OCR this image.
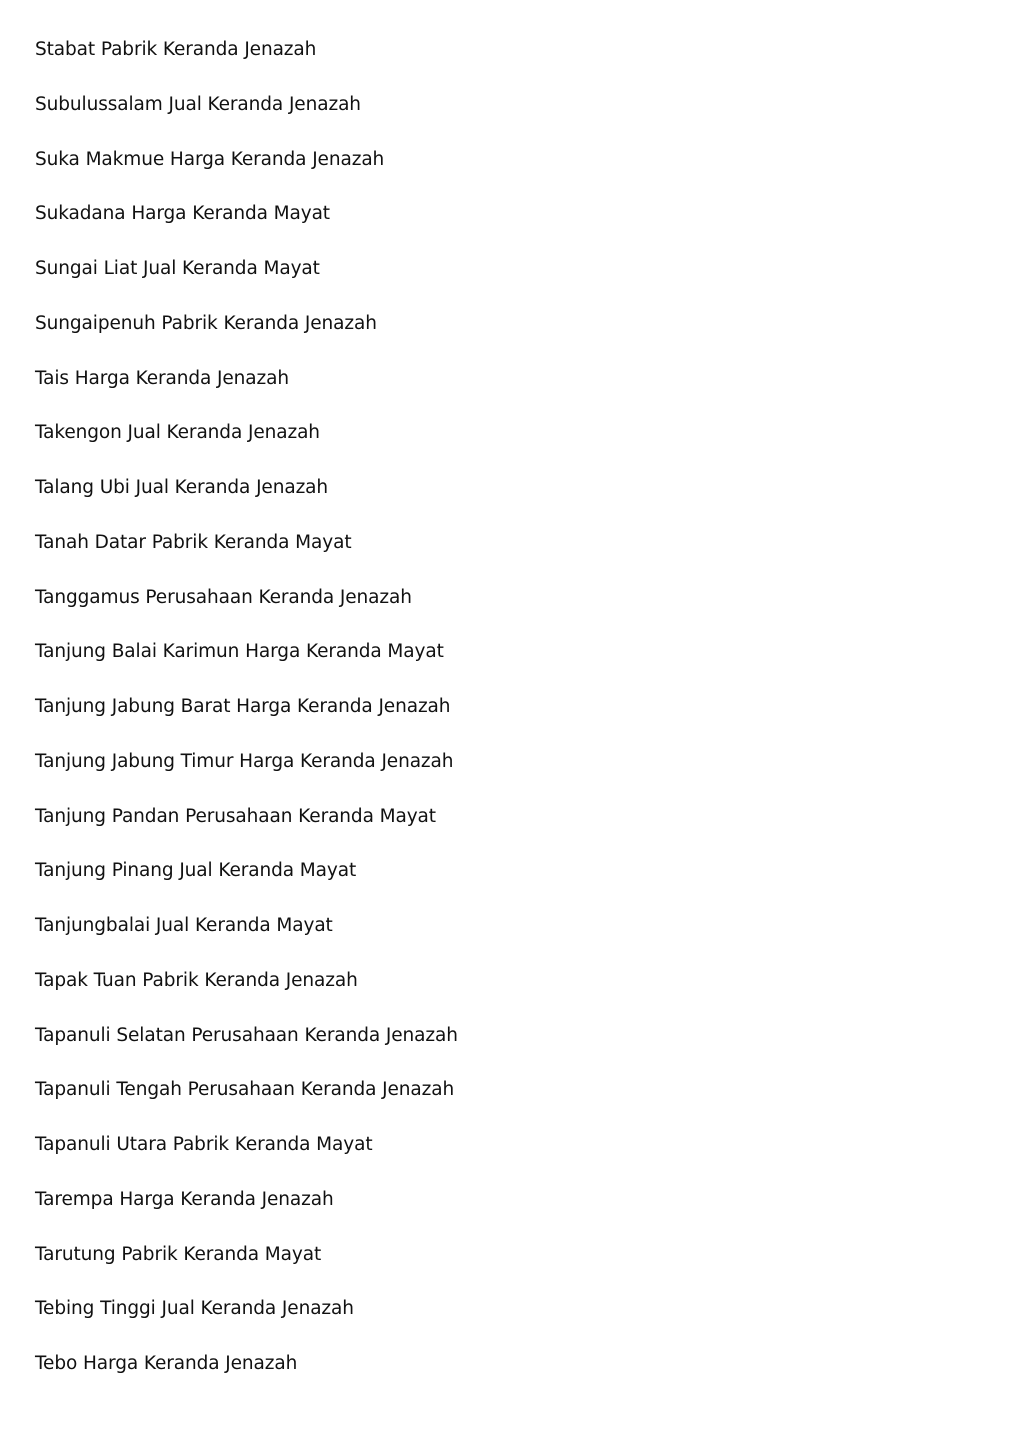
Stabat Pabrik Keranda Jenazah
Subulussalam Jual Keranda Jenazah
Suka Makmue Harga Keranda Jenazah
Sukadana Harga Keranda Mayat
Sungai Liat Jual Keranda Mayat
Sungaipenuh Pabrik Keranda Jenazah
Tais Harga Keranda Jenazah
Takengon Jual Keranda Jenazah
Talang Ubi Jual Keranda Jenazah
Tanah Datar Pabrik Keranda Mayat
Tanggamus Perusahaan Keranda Jenazah
Tanjung Balai Karimun Harga Keranda Mayat
Tanjung Jabung Barat Harga Keranda Jenazah
Tanjung Jabung Timur Harga Keranda Jenazah
Tanjung Pandan Perusahaan Keranda Mayat
Tanjung Pinang Jual Keranda Mayat
Tanjungbalai Jual Keranda Mayat
Tapak Tuan Pabrik Keranda Jenazah
Tapanuli Selatan Perusahaan Keranda Jenazah
Tapanuli Tengah Perusahaan Keranda Jenazah
Tapanuli Utara Pabrik Keranda Mayat
Tarempa Harga Keranda Jenazah
Tarutung Pabrik Keranda Mayat
Tebing Tinggi Jual Keranda Jenazah
Tebo Harga Keranda Jenazah
